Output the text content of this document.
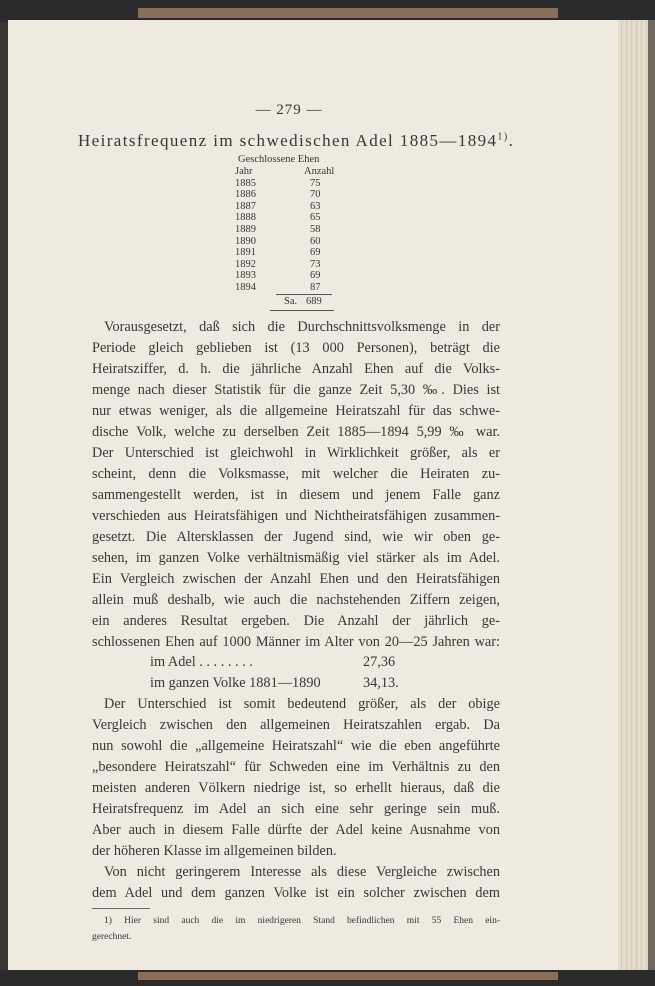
— 279 —
Heiratsfrequenz im schwedischen Adel 1885—1894$^{1)}$.
Geschlossene Ehen
Jahr	Anzahl
1885	75
1886	70
1887	63
1888	65
1889	58
1890	60
1891	69
1892	73
1893	69
1894	87
Sa. 689
Vorausgesetzt, daß sich die Durchschnittsvolksmenge in der
Periode gleich geblieben ist (13 000 Personen), beträgt die
Heiratsziffer, d. h. die jährliche Anzahl Ehen auf die Volks-
menge nach dieser Statistik für die ganze Zeit 5,30 ‰. Dies ist
nur etwas weniger, als die allgemeine Heiratszahl für das schwe-
dische Volk, welche zu derselben Zeit 1885—1894 5,99 ‰ war.
Der Unterschied ist gleichwohl in Wirklichkeit größer, als er
scheint, denn die Volksmasse, mit welcher die Heiraten zu-
sammengestellt werden, ist in diesem und jenem Falle ganz
verschieden aus Heiratsfähigen und Nichtheiratsfähigen zusammen-
gesetzt. Die Altersklassen der Jugend sind, wie wir oben ge-
sehen, im ganzen Volke verhältnismäßig viel stärker als im Adel.
Ein Vergleich zwischen der Anzahl Ehen und den Heiratsfähigen
allein muß deshalb, wie auch die nachstehenden Ziffern zeigen,
ein anderes Resultat ergeben. Die Anzahl der jährlich ge-
schlossenen Ehen auf 1000 Männer im Alter von 20—25 Jahren war:
im Adel . . . . . . . .	27,36
im ganzen Volke 1881—1890	34,13.
Der Unterschied ist somit bedeutend größer, als der obige
Vergleich zwischen den allgemeinen Heiratszahlen ergab. Da
nun sowohl die „allgemeine Heiratszahl“ wie die eben angeführte
„besondere Heiratszahl“ für Schweden eine im Verhältnis zu den
meisten anderen Völkern niedrige ist, so erhellt hieraus, daß die
Heiratsfrequenz im Adel an sich eine sehr geringe sein muß.
Aber auch in diesem Falle dürfte der Adel keine Ausnahme von
der höheren Klasse im allgemeinen bilden.
Von nicht geringerem Interesse als diese Vergleiche zwischen
dem Adel und dem ganzen Volke ist ein solcher zwischen dem
1) Hier sind auch die im niedrigeren Stand befindlichen mit 55 Ehen ein-
gerechnet.
